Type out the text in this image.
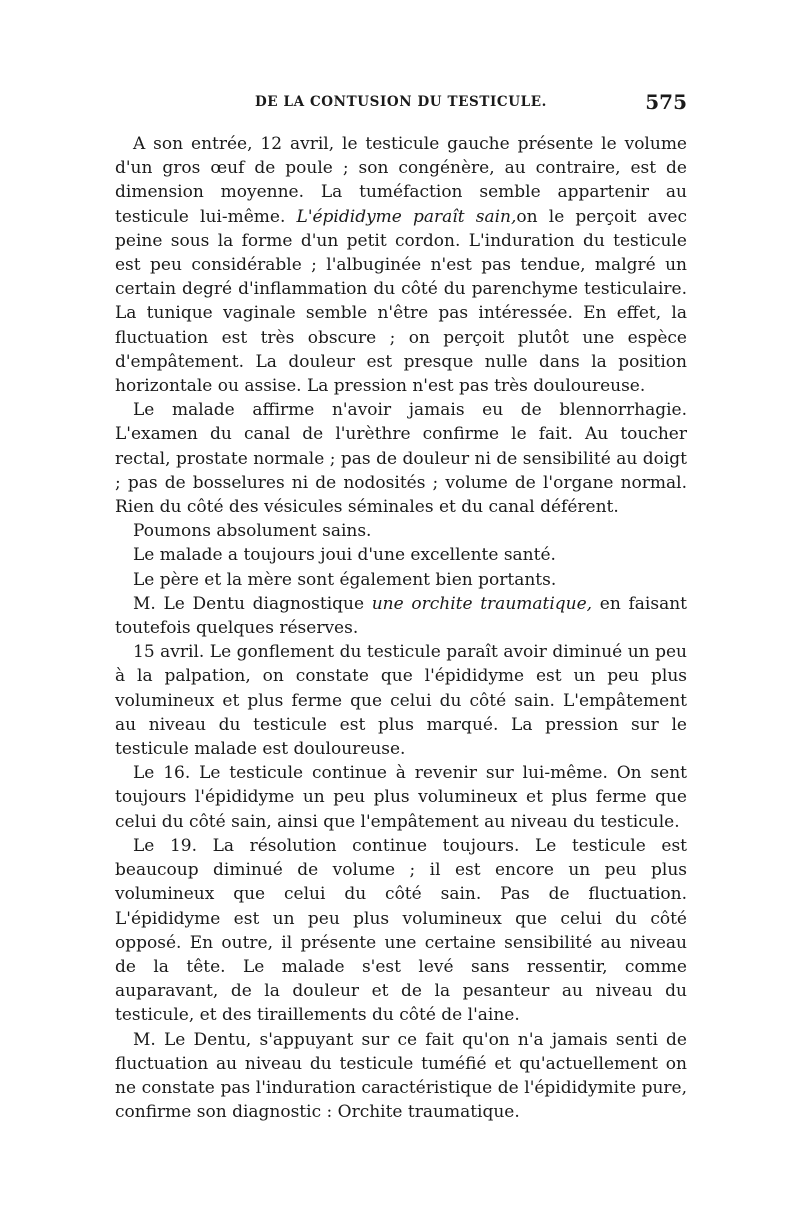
DE LA CONTUSION DU TESTICULE.	575

A son entrée, 12 avril, le testicule gauche présente le volume d'un gros œuf de poule ; son congénère, au contraire, est de dimension moyenne. La tuméfaction semble appartenir au testicule lui-même. L'épididyme paraît sain,on le perçoit avec peine sous la forme d'un petit cordon. L'induration du testicule est peu considérable ; l'albuginée n'est pas tendue, malgré un certain degré d'inflammation du côté du parenchyme testiculaire. La tunique vaginale semble n'être pas intéressée. En effet, la fluctuation est très obscure ; on perçoit plutôt une espèce d'empâtement. La douleur est presque nulle dans la position horizontale ou assise. La pression n'est pas très douloureuse.

Le malade affirme n'avoir jamais eu de blennorrhagie. L'examen du canal de l'urèthre confirme le fait. Au toucher rectal, prostate normale ; pas de douleur ni de sensibilité au doigt ; pas de bosselures ni de nodosités ; volume de l'organe normal. Rien du côté des vésicules séminales et du canal déférent.

Poumons absolument sains.

Le malade a toujours joui d'une excellente santé.

Le père et la mère sont également bien portants.

M. Le Dentu diagnostique une orchite traumatique, en faisant toutefois quelques réserves.

15 avril. Le gonflement du testicule paraît avoir diminué un peu à la palpation, on constate que l'épididyme est un peu plus volumineux et plus ferme que celui du côté sain. L'empâtement au niveau du testicule est plus marqué. La pression sur le testicule malade est douloureuse.

Le 16. Le testicule continue à revenir sur lui-même. On sent toujours l'épididyme un peu plus volumineux et plus ferme que celui du côté sain, ainsi que l'empâtement au niveau du testicule.

Le 19. La résolution continue toujours. Le testicule est beaucoup diminué de volume ; il est encore un peu plus volumineux que celui du côté sain. Pas de fluctuation. L'épididyme est un peu plus volumineux que celui du côté opposé. En outre, il présente une certaine sensibilité au niveau de la tête. Le malade s'est levé sans ressentir, comme auparavant, de la douleur et de la pesanteur au niveau du testicule, et des tiraillements du côté de l'aine.

M. Le Dentu, s'appuyant sur ce fait qu'on n'a jamais senti de fluctuation au niveau du testicule tuméfié et qu'actuellement on ne constate pas l'induration caractéristique de l'épididymite pure, confirme son diagnostic : Orchite traumatique.
